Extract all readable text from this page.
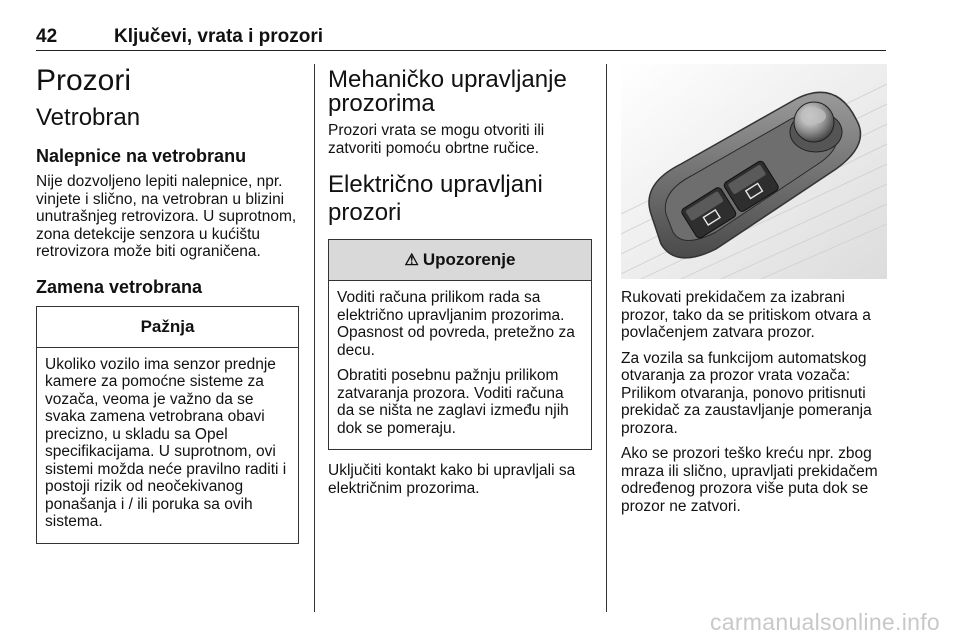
42	Ključevi, vrata i prozori
Prozori
Vetrobran
Nalepnice na vetrobranu

Nije dozvoljeno lepiti nalepnice, npr. vinjete i slično, na vetrobran u blizini unutrašnjeg retrovizora. U suprotnom, zona detekcije senzora u kućištu retrovizora može biti ograničena.

Zamena vetrobrana
Pažnja

Ukoliko vozilo ima senzor prednje kamere za pomoćne sisteme za vozača, veoma je važno da se svaka zamena vetrobrana obavi precizno, u skladu sa Opel specifikacijama. U suprotnom, ovi sistemi možda neće pravilno raditi i postoji rizik od neočekivanog ponašanja i / ili poruka sa ovih sistema.

Mehaničko upravljanje
prozorima

Prozori vrata se mogu otvoriti ili zatvoriti pomoću obrtne ručice.

Električno upravljani prozori
⚠ Upozorenje

Voditi računa prilikom rada sa električno upravljanim prozorima. Opasnost od povreda, pretežno za decu.

Obratiti posebnu pažnju prilikom zatvaranja prozora. Voditi računa da se ništa ne zaglavi između njih dok se pomeraju.

Uključiti kontakt kako bi upravljali sa električnim prozorima.

Rukovati prekidačem za izabrani prozor, tako da se pritiskom otvara a povlačenjem zatvara prozor.

Za vozila sa funkcijom automatskog otvaranja za prozor vrata vozača: Prilikom otvaranja, ponovo pritisnuti prekidač za zaustavljanje pomeranja prozora.

Ako se prozori teško kreću npr. zbog mraza ili slično, upravljati prekidačem određenog prozora više puta dok se prozor ne zatvori.

carmanualsonline.info
